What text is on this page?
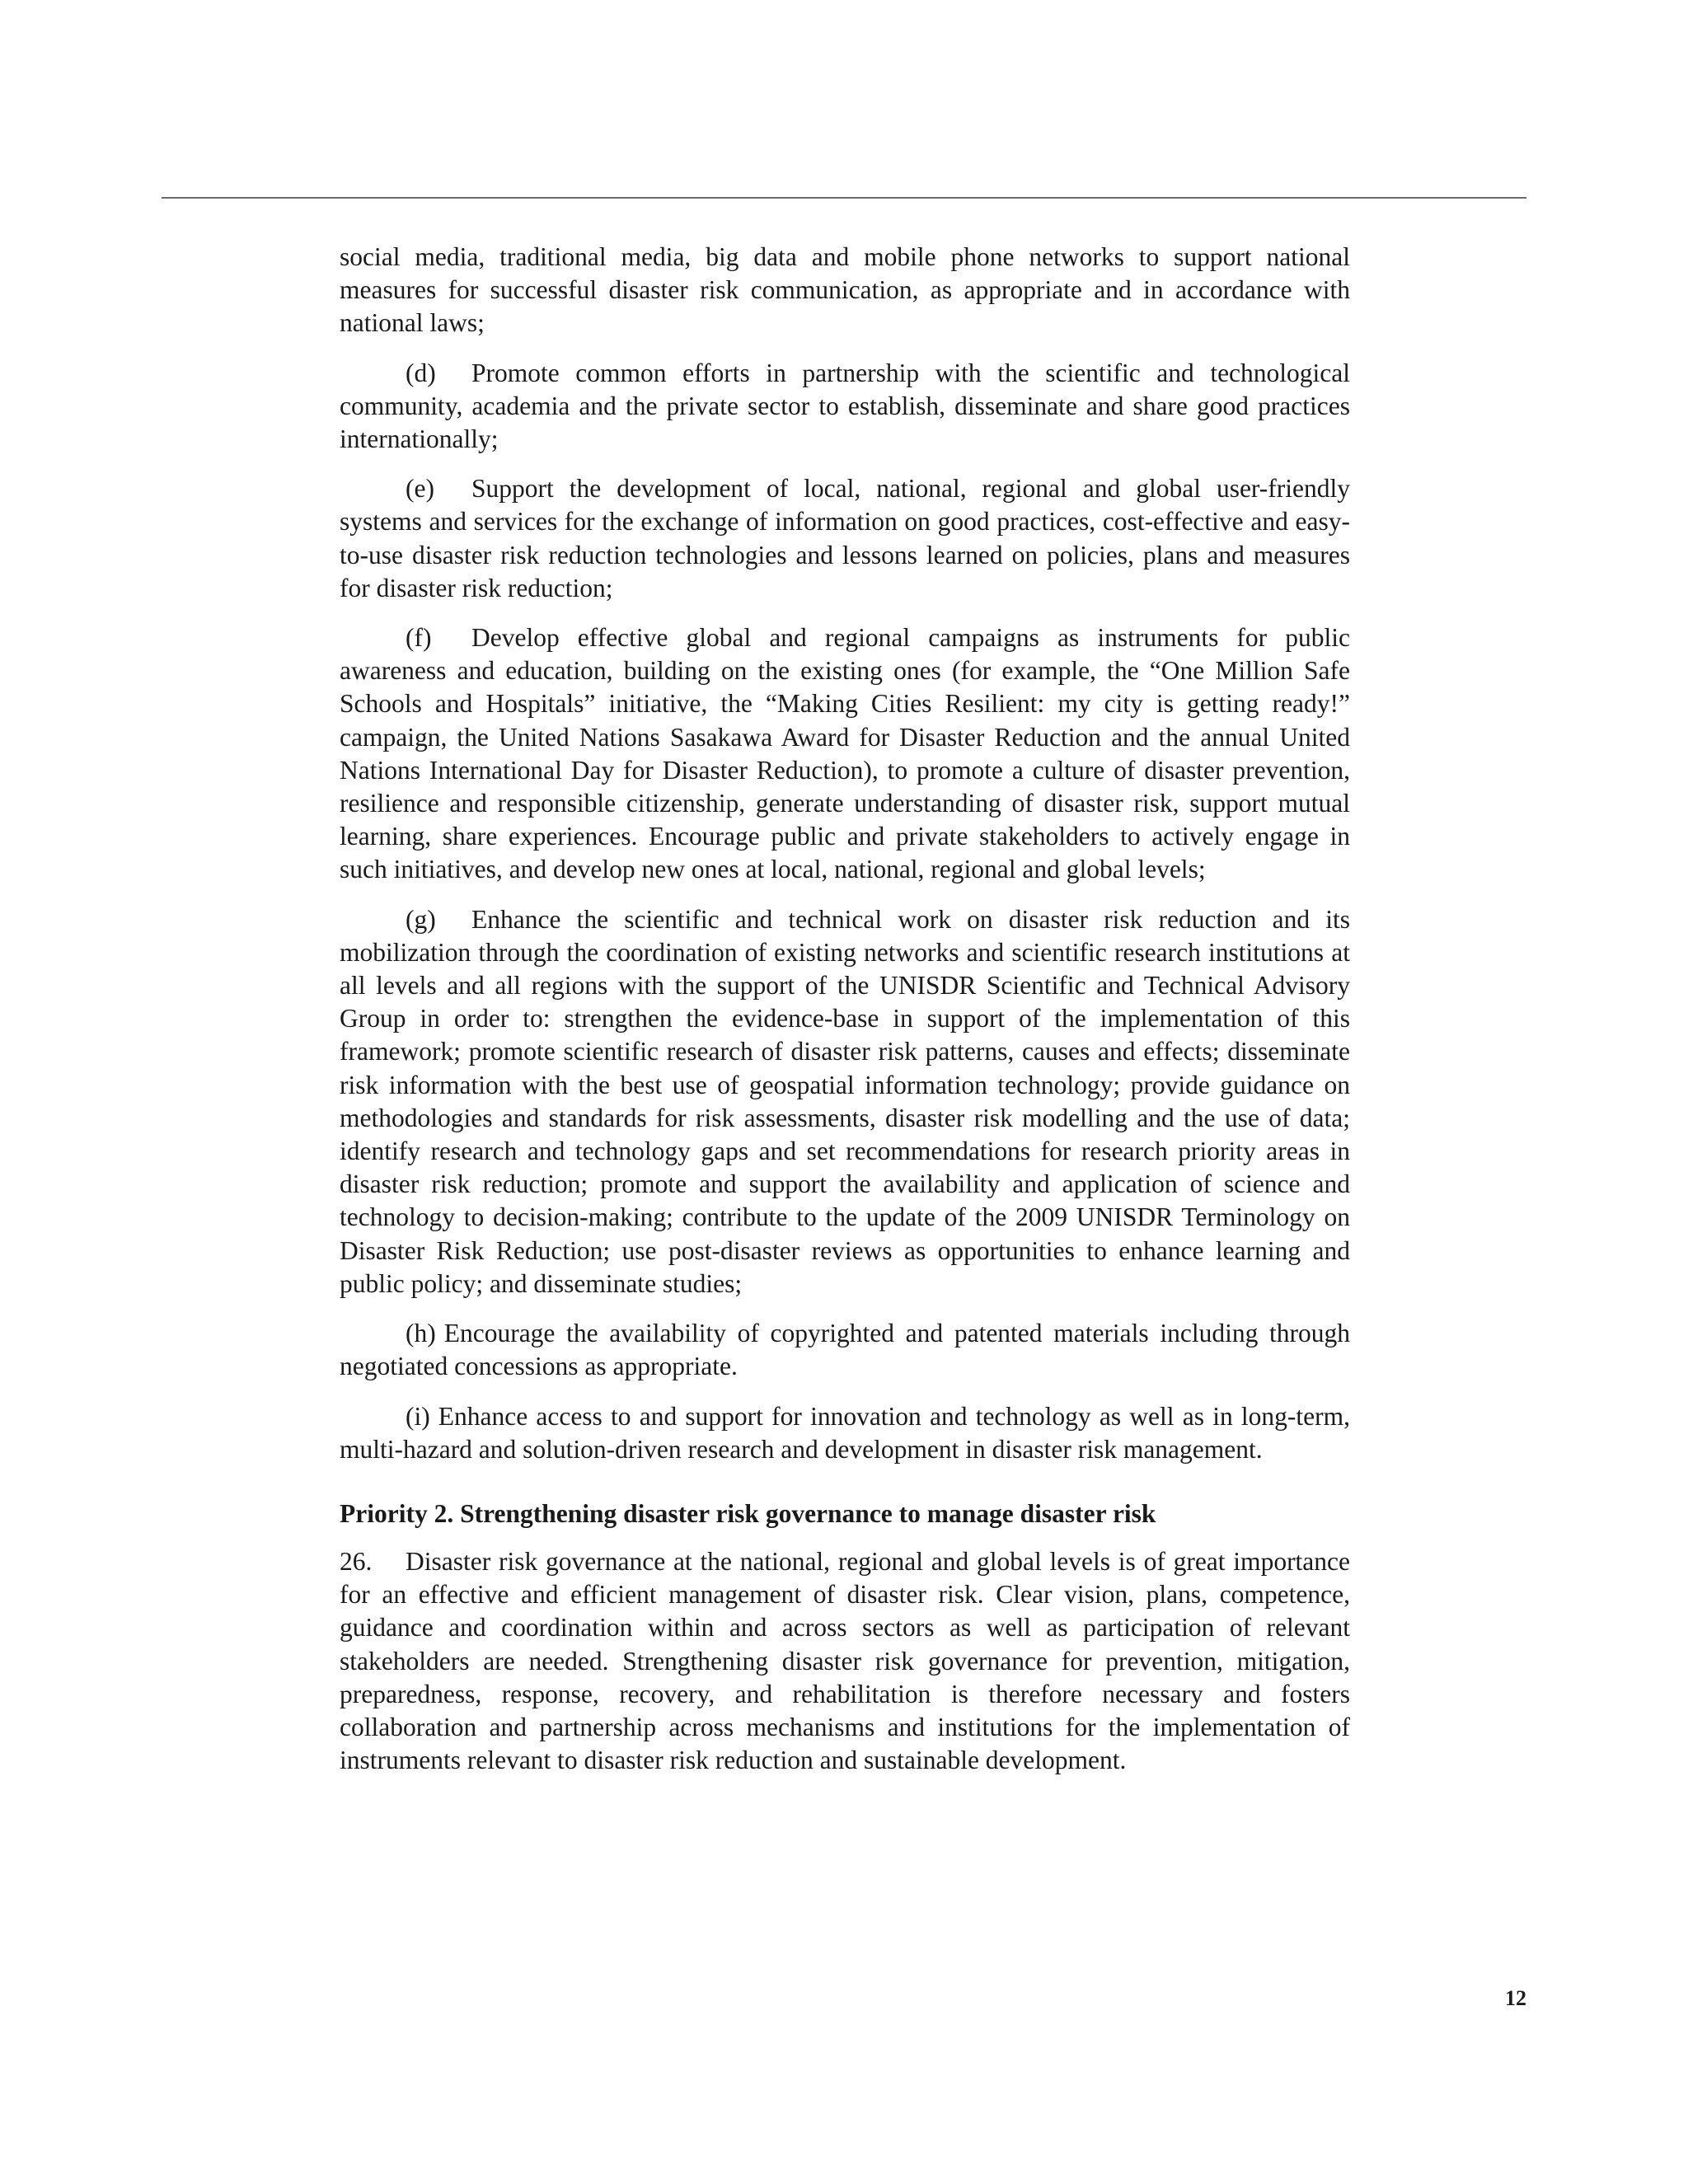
social media, traditional media, big data and mobile phone networks to support national measures for successful disaster risk communication, as appropriate and in accordance with national laws;

(d) Promote common efforts in partnership with the scientific and technological community, academia and the private sector to establish, disseminate and share good practices internationally;

(e) Support the development of local, national, regional and global user-friendly systems and services for the exchange of information on good practices, cost-effective and easy-to-use disaster risk reduction technologies and lessons learned on policies, plans and measures for disaster risk reduction;

(f) Develop effective global and regional campaigns as instruments for public awareness and education, building on the existing ones (for example, the “One Million Safe Schools and Hospitals” initiative, the “Making Cities Resilient: my city is getting ready!” campaign, the United Nations Sasakawa Award for Disaster Reduction and the annual United Nations International Day for Disaster Reduction), to promote a culture of disaster prevention, resilience and responsible citizenship, generate understanding of disaster risk, support mutual learning, share experiences. Encourage public and private stakeholders to actively engage in such initiatives, and develop new ones at local, national, regional and global levels;

(g) Enhance the scientific and technical work on disaster risk reduction and its mobilization through the coordination of existing networks and scientific research institutions at all levels and all regions with the support of the UNISDR Scientific and Technical Advisory Group in order to: strengthen the evidence-base in support of the implementation of this framework; promote scientific research of disaster risk patterns, causes and effects; disseminate risk information with the best use of geospatial information technology; provide guidance on methodologies and standards for risk assessments, disaster risk modelling and the use of data; identify research and technology gaps and set recommendations for research priority areas in disaster risk reduction; promote and support the availability and application of science and technology to decision-making; contribute to the update of the 2009 UNISDR Terminology on Disaster Risk Reduction; use post-disaster reviews as opportunities to enhance learning and public policy; and disseminate studies;

(h) Encourage the availability of copyrighted and patented materials including through negotiated concessions as appropriate.

(i) Enhance access to and support for innovation and technology as well as in long-term, multi-hazard and solution-driven research and development in disaster risk management.

Priority 2. Strengthening disaster risk governance to manage disaster risk

26. Disaster risk governance at the national, regional and global levels is of great importance for an effective and efficient management of disaster risk. Clear vision, plans, competence, guidance and coordination within and across sectors as well as participation of relevant stakeholders are needed. Strengthening disaster risk governance for prevention, mitigation, preparedness, response, recovery, and rehabilitation is therefore necessary and fosters collaboration and partnership across mechanisms and institutions for the implementation of instruments relevant to disaster risk reduction and sustainable development.

12
